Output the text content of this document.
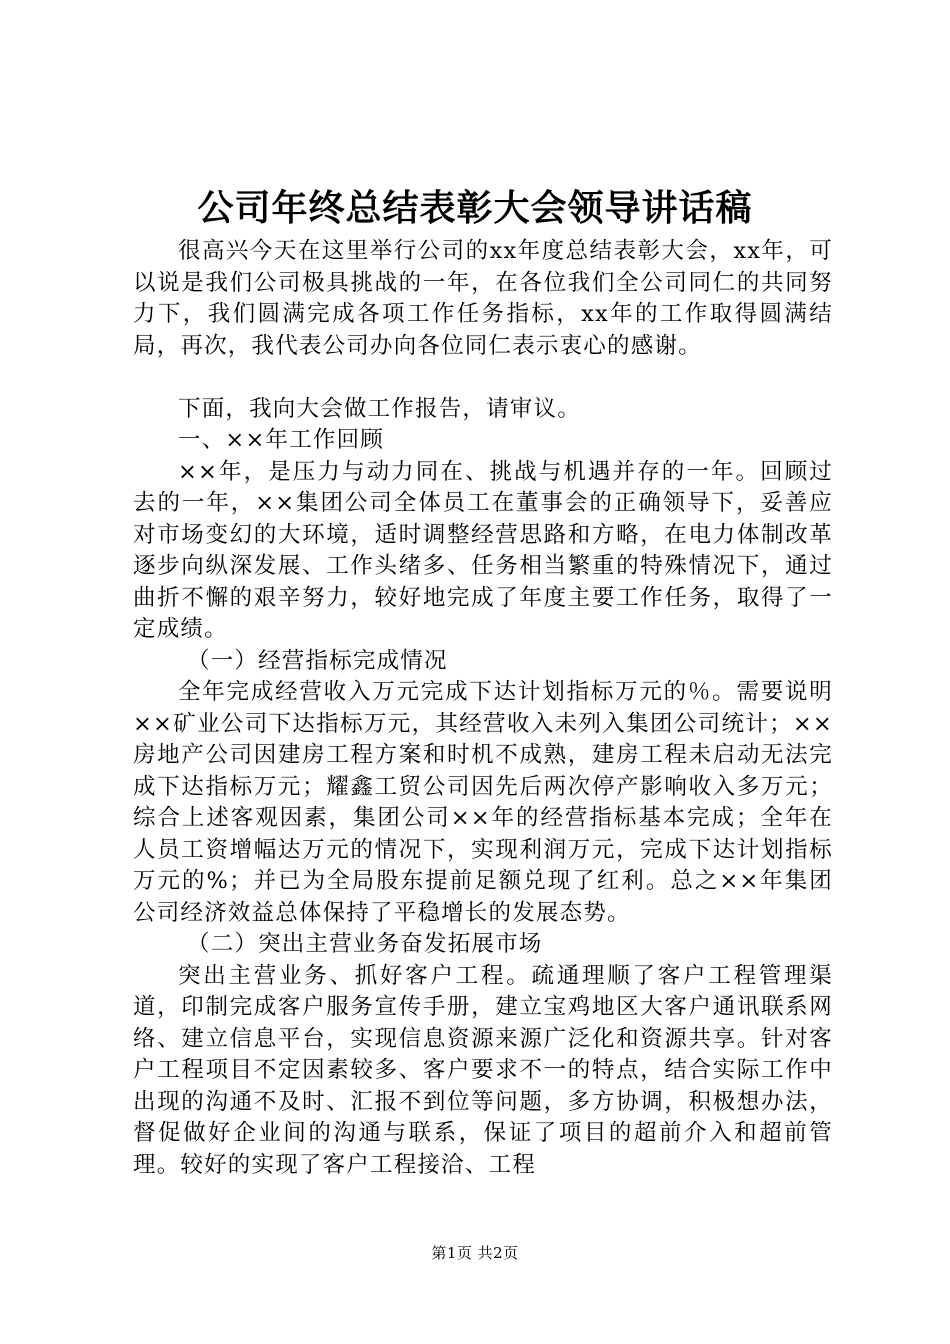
公司年终总结表彰大会领导讲话稿

很高兴今天在这里举行公司的xx年度总结表彰大会，xx年，可以说是我们公司极具挑战的一年，在各位我们全公司同仁的共同努力下，我们圆满完成各项工作任务指标，xx年的工作取得圆满结局，再次，我代表公司办向各位同仁表示衷心的感谢。

下面，我向大会做工作报告，请审议。

一、××年工作回顾

××年，是压力与动力同在、挑战与机遇并存的一年。回顾过去的一年，××集团公司全体员工在董事会的正确领导下，妥善应对市场变幻的大环境，适时调整经营思路和方略，在电力体制改革逐步向纵深发展、工作头绪多、任务相当繁重的特殊情况下，通过曲折不懈的艰辛努力，较好地完成了年度主要工作任务，取得了一定成绩。

（一）经营指标完成情况

全年完成经营收入万元完成下达计划指标万元的％。需要说明××矿业公司下达指标万元，其经营收入未列入集团公司统计；××房地产公司因建房工程方案和时机不成熟，建房工程未启动无法完成下达指标万元；耀鑫工贸公司因先后两次停产影响收入多万元；综合上述客观因素，集团公司××年的经营指标基本完成；全年在人员工资增幅达万元的情况下，实现利润万元，完成下达计划指标万元的%；并已为全局股东提前足额兑现了红利。总之××年集团公司经济效益总体保持了平稳增长的发展态势。

（二）突出主营业务奋发拓展市场

突出主营业务、抓好客户工程。疏通理顺了客户工程管理渠道，印制完成客户服务宣传手册，建立宝鸡地区大客户通讯联系网络、建立信息平台，实现信息资源来源广泛化和资源共享。针对客户工程项目不定因素较多、客户要求不一的特点，结合实际工作中出现的沟通不及时、汇报不到位等问题，多方协调，积极想办法，督促做好企业间的沟通与联系，保证了项目的超前介入和超前管理。较好的实现了客户工程接洽、工程

第1页 共2页
